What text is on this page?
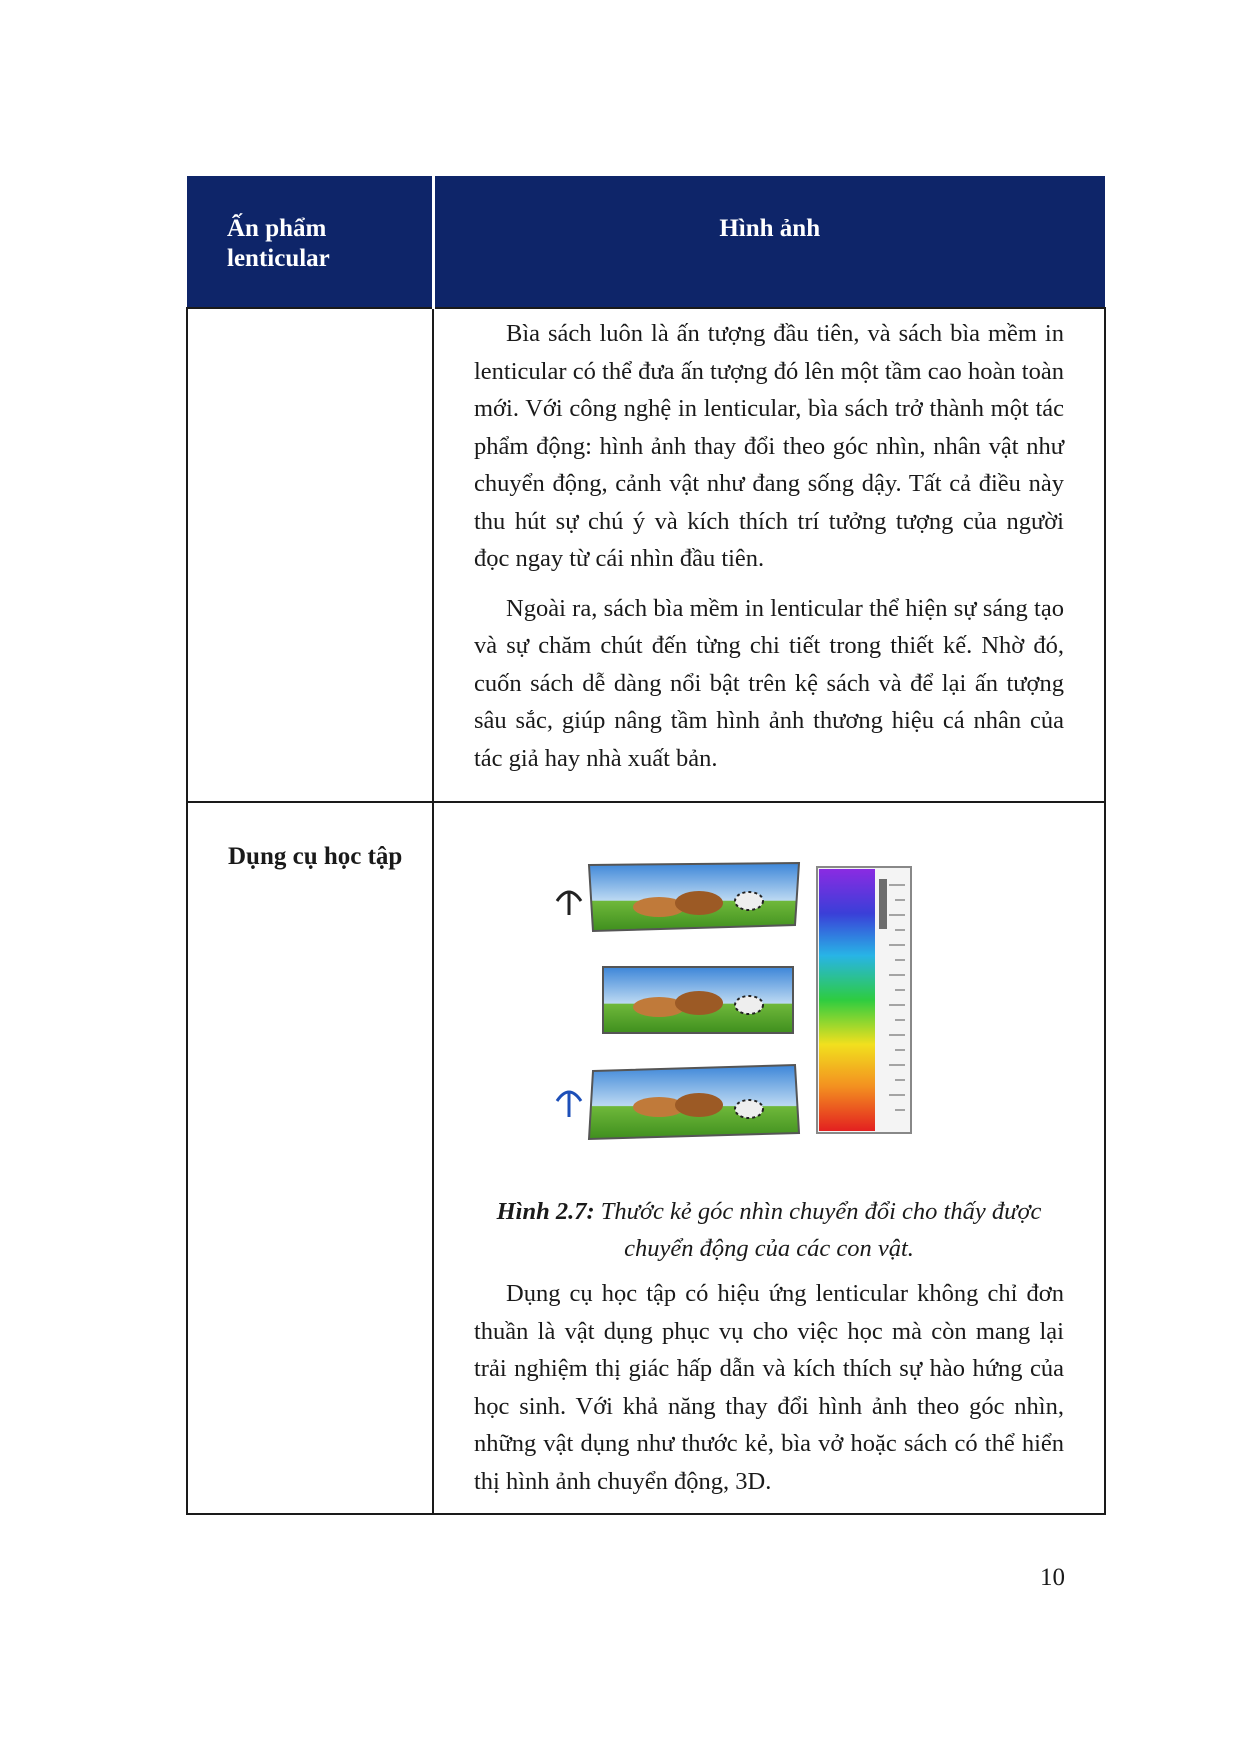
Ấn phẩm lenticular	Hình ảnh

	Bìa sách luôn là ấn tượng đầu tiên, và sách bìa mềm in lenticular có thể đưa ấn tượng đó lên một tầm cao hoàn toàn mới. Với công nghệ in lenticular, bìa sách trở thành một tác phẩm động: hình ảnh thay đổi theo góc nhìn, nhân vật như chuyển động, cảnh vật như đang sống dậy. Tất cả điều này thu hút sự chú ý và kích thích trí tưởng tượng của người đọc ngay từ cái nhìn đầu tiên.

Ngoài ra, sách bìa mềm in lenticular thể hiện sự sáng tạo và sự chăm chút đến từng chi tiết trong thiết kế. Nhờ đó, cuốn sách dễ dàng nổi bật trên kệ sách và để lại ấn tượng sâu sắc, giúp nâng tầm hình ảnh thương hiệu cá nhân của tác giả hay nhà xuất bản.

Dụng cụ học tập	Hình 2.7: Thước kẻ góc nhìn chuyển đổi cho thấy được chuyển động của các con vật.

Dụng cụ học tập có hiệu ứng lenticular không chỉ đơn thuần là vật dụng phục vụ cho việc học mà còn mang lại trải nghiệm thị giác hấp dẫn và kích thích sự hào hứng của học sinh. Với khả năng thay đổi hình ảnh theo góc nhìn, những vật dụng như thước kẻ, bìa vở hoặc sách có thể hiển thị hình ảnh chuyển động, 3D.

10
